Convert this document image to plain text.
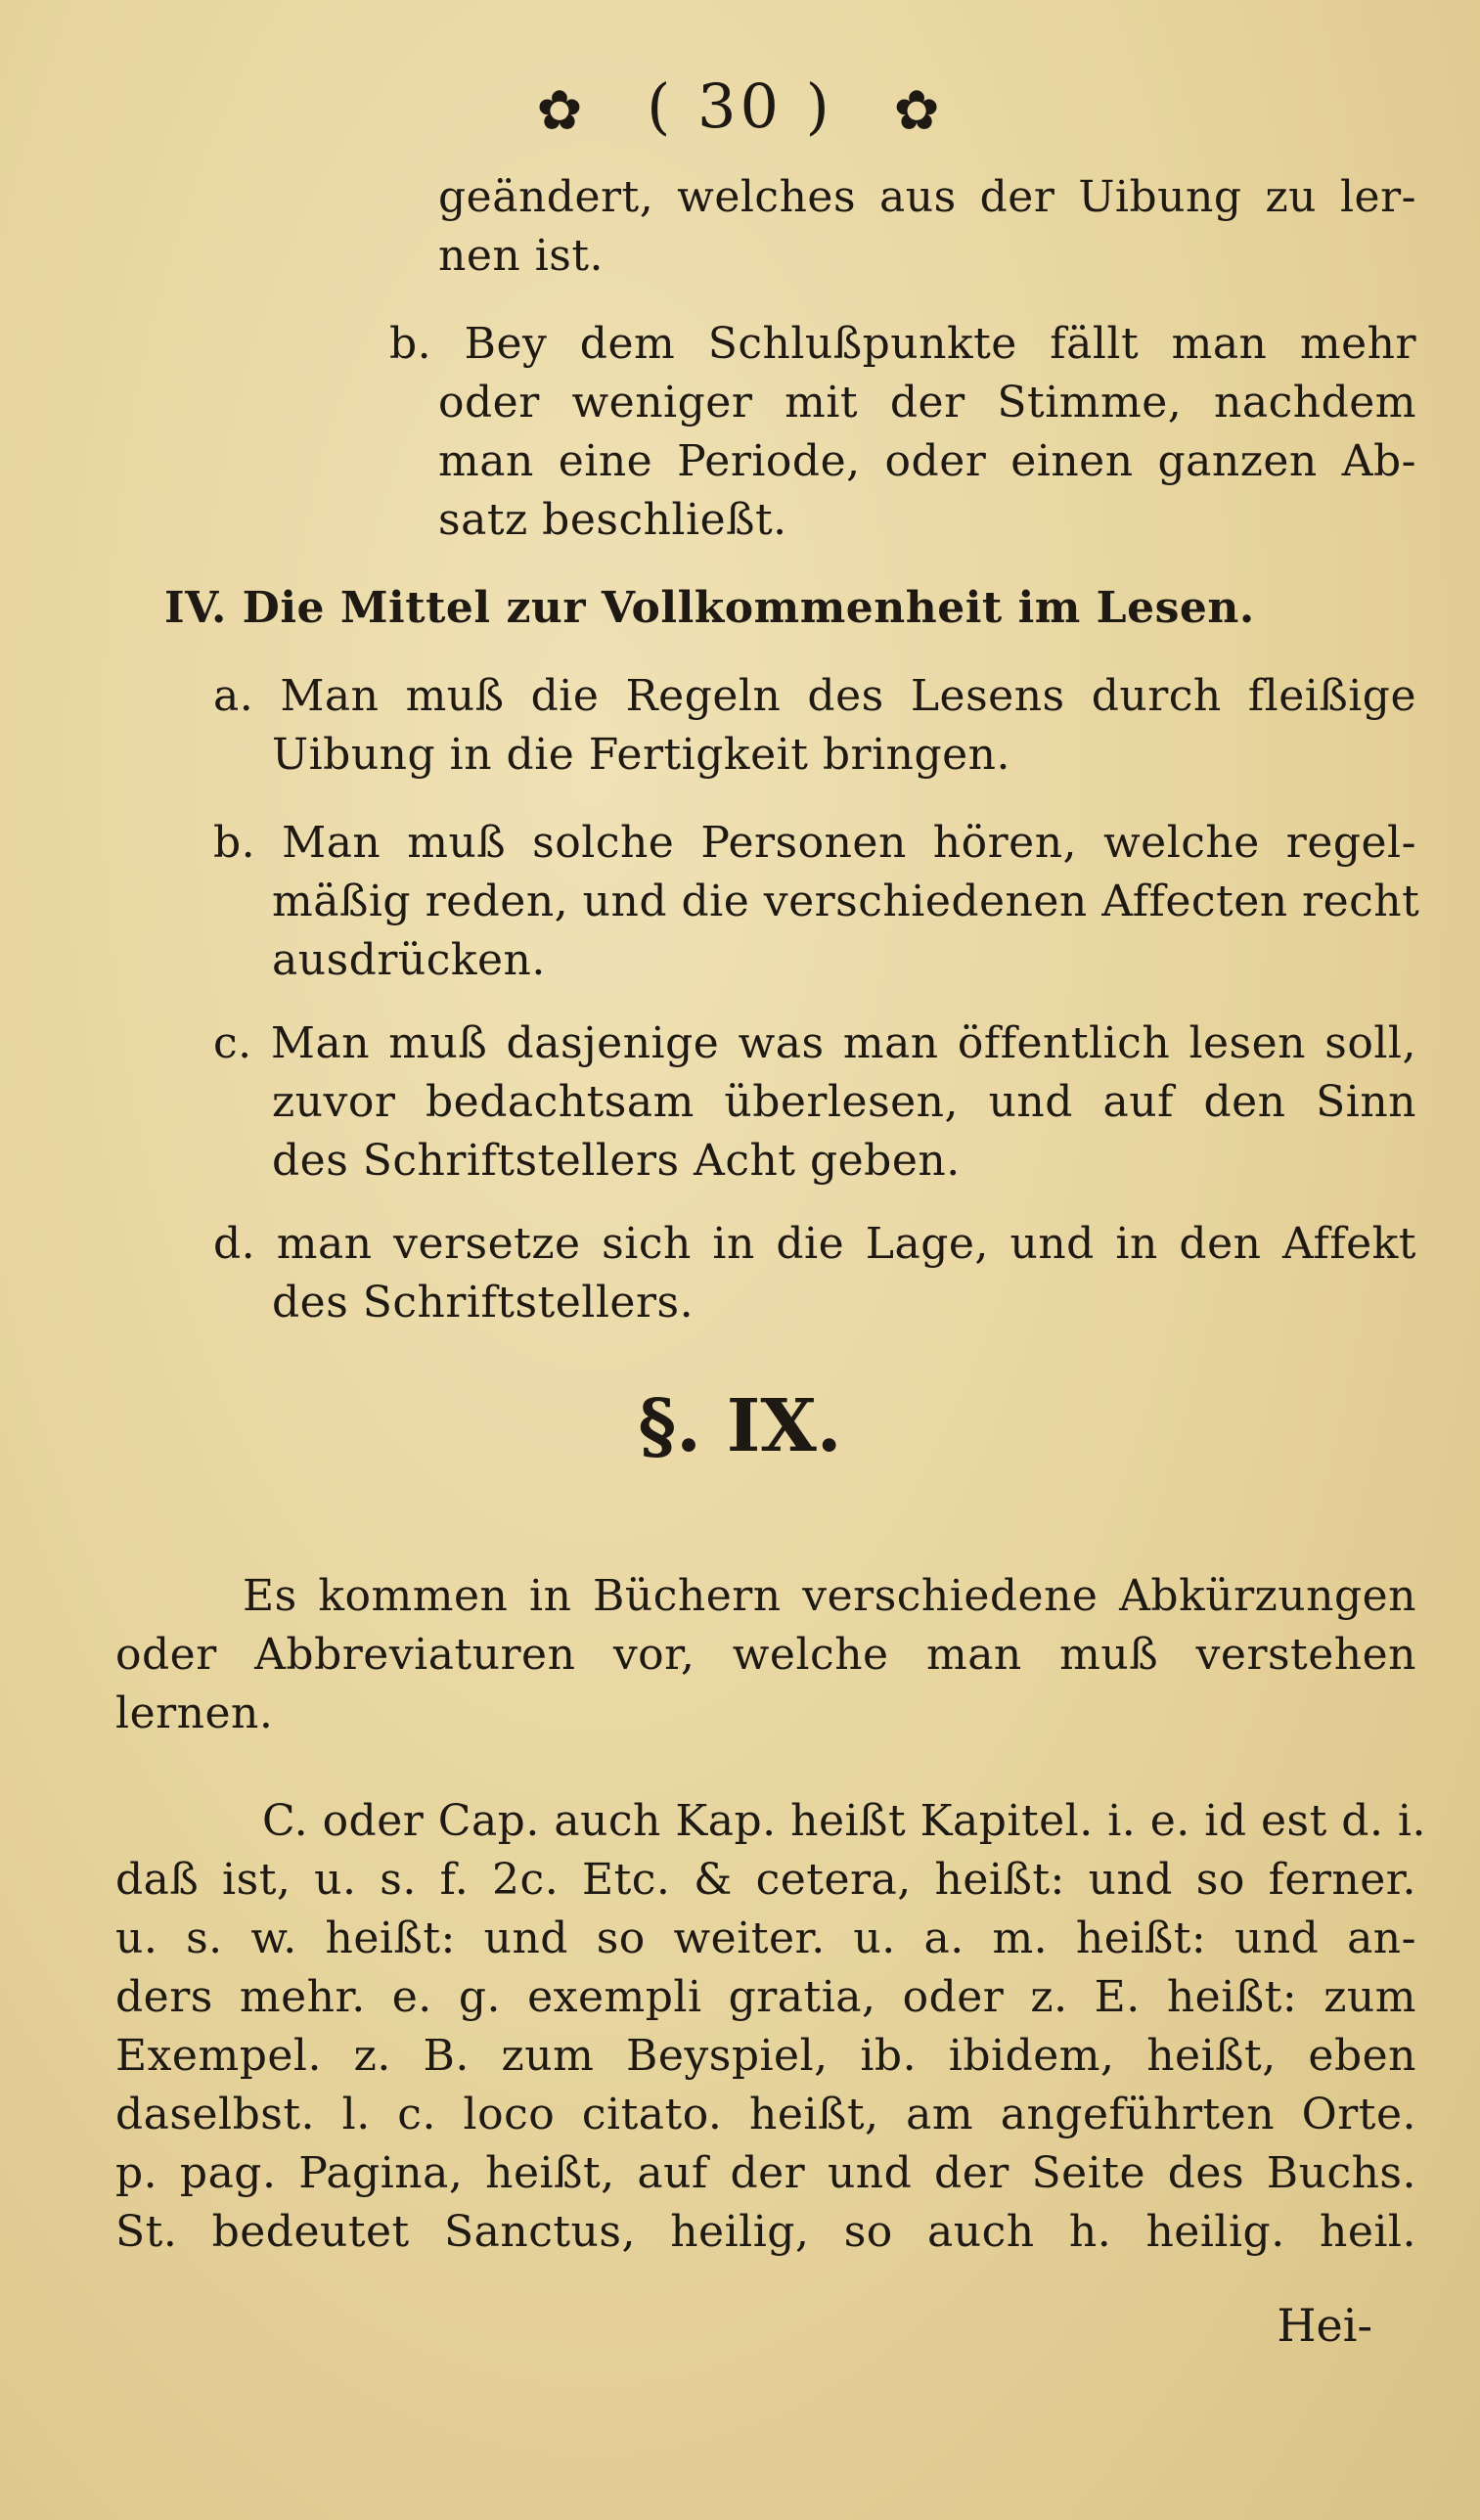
✿ ( 30 ) ✿
geändert, welches aus der Uibung zu ler-
nen ist.
b. Bey dem Schlußpunkte fällt man mehr
oder weniger mit der Stimme, nachdem
man eine Periode, oder einen ganzen Ab-
satz beschließt.
IV. Die Mittel zur Vollkommenheit im Lesen.
a. Man muß die Regeln des Lesens durch fleißige
Uibung in die Fertigkeit bringen.
b. Man muß solche Personen hören, welche regel-
mäßig reden, und die verschiedenen Affecten recht
ausdrücken.
c. Man muß dasjenige was man öffentlich lesen soll,
zuvor bedachtsam überlesen, und auf den Sinn
des Schriftstellers Acht geben.
d. man versetze sich in die Lage, und in den Affekt
des Schriftstellers.
§. IX.
Es kommen in Büchern verschiedene Abkürzungen
oder Abbreviaturen vor, welche man muß verstehen
lernen.
C. oder Cap. auch Kap. heißt Kapitel. i. e. id est d. i.
daß ist, u. s. f. 2c. Etc. & cetera, heißt: und so ferner.
u. s. w. heißt: und so weiter. u. a. m. heißt: und an-
ders mehr. e. g. exempli gratia, oder z. E. heißt: zum
Exempel. z. B. zum Beyspiel, ib. ibidem, heißt, eben
daselbst. l. c. loco citato. heißt, am angeführten Orte.
p. pag. Pagina, heißt, auf der und der Seite des Buchs.
St. bedeutet Sanctus, heilig, so auch h. heilig. heil.
Hei-
